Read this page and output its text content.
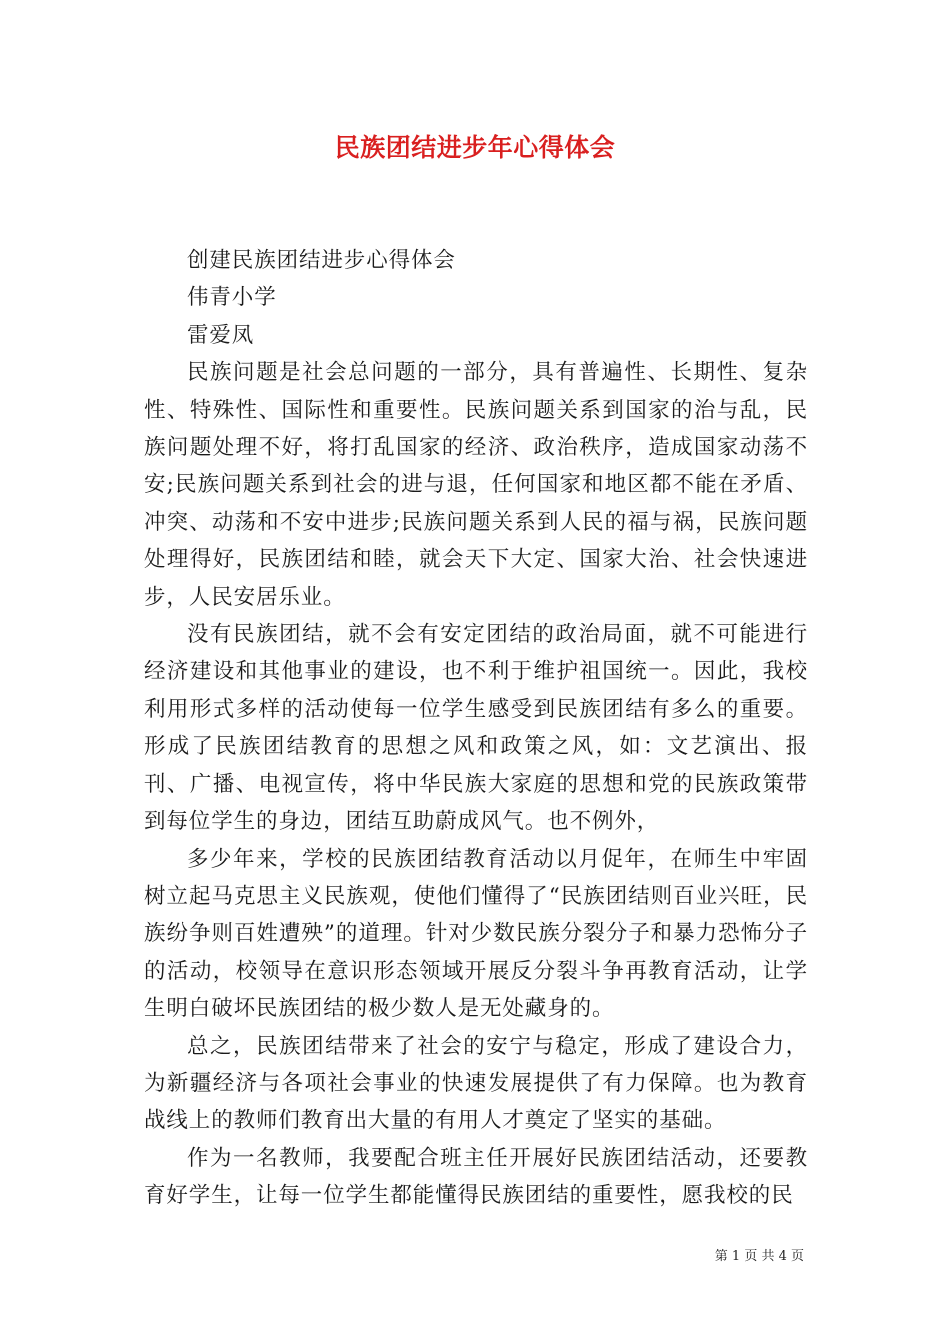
民族团结进步年心得体会

创建民族团结进步心得体会

伟青小学

雷爱凤

民族问题是社会总问题的一部分，具有普遍性、长期性、复杂性、特殊性、国际性和重要性。民族问题关系到国家的治与乱，民族问题处理不好，将打乱国家的经济、政治秩序，造成国家动荡不安;民族问题关系到社会的进与退，任何国家和地区都不能在矛盾、冲突、动荡和不安中进步;民族问题关系到人民的福与祸，民族问题处理得好，民族团结和睦，就会天下大定、国家大治、社会快速进步，人民安居乐业。

没有民族团结，就不会有安定团结的政治局面，就不可能进行经济建设和其他事业的建设，也不利于维护祖国统一。因此，我校利用形式多样的活动使每一位学生感受到民族团结有多么的重要。形成了民族团结教育的思想之风和政策之风，如：文艺演出、报刊、广播、电视宣传，将中华民族大家庭的思想和党的民族政策带到每位学生的身边，团结互助蔚成风气。也不例外，

多少年来，学校的民族团结教育活动以月促年，在师生中牢固树立起马克思主义民族观，使他们懂得了“民族团结则百业兴旺，民族纷争则百姓遭殃”的道理。针对少数民族分裂分子和暴力恐怖分子的活动，校领导在意识形态领域开展反分裂斗争再教育活动，让学生明白破坏民族团结的极少数人是无处藏身的。

总之，民族团结带来了社会的安宁与稳定，形成了建设合力，为新疆经济与各项社会事业的快速发展提供了有力保障。也为教育战线上的教师们教育出大量的有用人才奠定了坚实的基础。

作为一名教师，我要配合班主任开展好民族团结活动，还要教育好学生，让每一位学生都能懂得民族团结的重要性，愿我校的民

第 1 页 共 4 页
